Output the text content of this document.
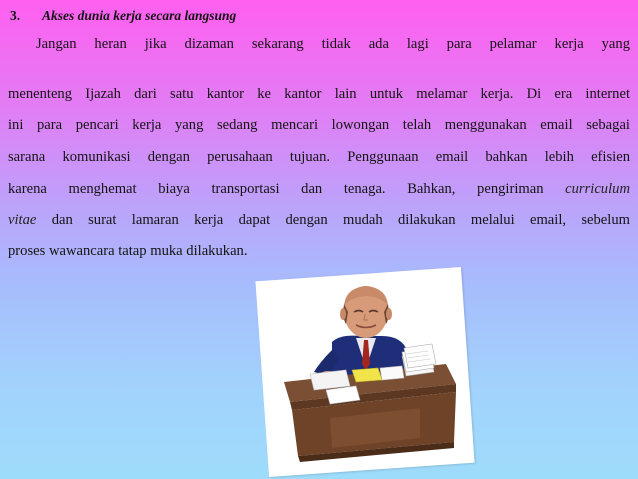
3. Akses dunia kerja secara langsung
Jangan heran jika dizaman sekarang tidak ada lagi para pelamar kerja yang
menenteng Ijazah dari satu kantor ke kantor lain untuk melamar kerja. Di era internet
ini para pencari kerja yang sedang mencari lowongan telah menggunakan email sebagai
sarana komunikasi dengan perusahaan tujuan. Penggunaan email bahkan lebih efisien
karena menghemat biaya transportasi dan tenaga. Bahkan, pengiriman curriculum
vitae dan surat lamaran kerja dapat dengan mudah dilakukan melalui email, sebelum
proses wawancara tatap muka dilakukan.
